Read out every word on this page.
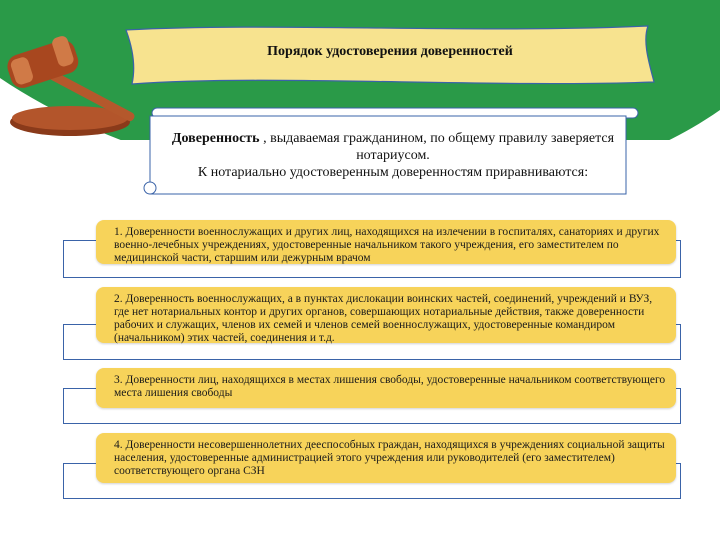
Порядок удостоверения доверенностей
Доверенность , выдаваемая гражданином, по общему правилу заверяется нотариусом.
К нотариально удостоверенным доверенностям приравниваются:
1. Доверенности военнослужащих и других лиц, находящихся на излечении в госпиталях, санаториях и других военно-лечебных учреждениях, удостоверенные начальником такого учреждения, его заместителем по медицинской части, старшим или дежурным врачом
2. Доверенность военнослужащих, а в пунктах дислокации воинских частей, соединений, учреждений и ВУЗ, где нет нотариальных контор и других органов, совершающих нотариальные действия, также доверенности рабочих и служащих, членов их семей и членов семей военнослужащих, удостоверенные командиром (начальником) этих частей, соединения и т.д.
3. Доверенности лиц, находящихся в местах лишения свободы, удостоверенные начальником соответствующего места лишения свободы
4. Доверенности несовершеннолетних дееспособных граждан, находящихся в учреждениях социальной защиты населения, удостоверенные администрацией этого учреждения или руководителей (его заместителем) соответствующего органа СЗН
